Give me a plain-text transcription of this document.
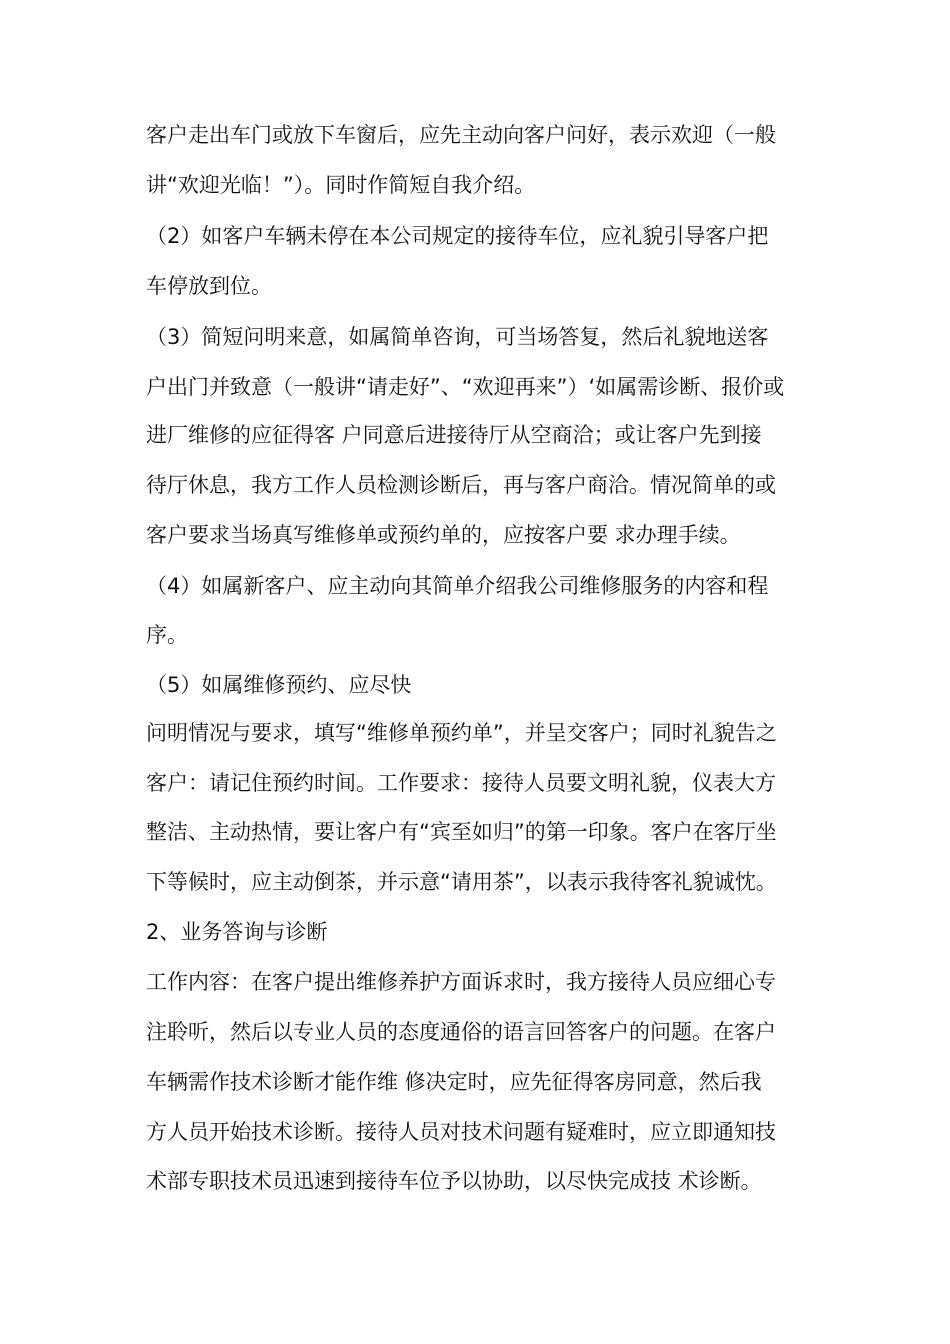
客户走出车门或放下车窗后，应先主动向客户问好，表示欢迎（一般
讲“欢迎光临！”）。同时作简短自我介绍。
（2）如客户车辆未停在本公司规定的接待车位，应礼貌引导客户把
车停放到位。
（3）简短问明来意，如属简单咨询，可当场答复，然后礼貌地送客
户出门并致意（一般讲“请走好”、“欢迎再来”）‘如属需诊断、报价或
进厂维修的应征得客 户同意后进接待厅从空商洽；或让客户先到接
待厅休息，我方工作人员检测诊断后，再与客户商洽。情况简单的或
客户要求当场真写维修单或预约单的，应按客户要 求办理手续。
（4）如属新客户、应主动向其简单介绍我公司维修服务的内容和程
序。
（5）如属维修预约、应尽快
问明情况与要求，填写“维修单预约单”，并呈交客户；同时礼貌告之
客户：请记住预约时间。工作要求：接待人员要文明礼貌，仪表大方
整洁、主动热情，要让客户有“宾至如归”的第一印象。客户在客厅坐
下等候时，应主动倒茶，并示意“请用茶”，以表示我待客礼貌诚忱。
2、业务答询与诊断
工作内容：在客户提出维修养护方面诉求时，我方接待人员应细心专
注聆听，然后以专业人员的态度通俗的语言回答客户的问题。在客户
车辆需作技术诊断才能作维 修决定时，应先征得客房同意，然后我
方人员开始技术诊断。接待人员对技术问题有疑难时，应立即通知技
术部专职技术员迅速到接待车位予以协助，以尽快完成技 术诊断。
